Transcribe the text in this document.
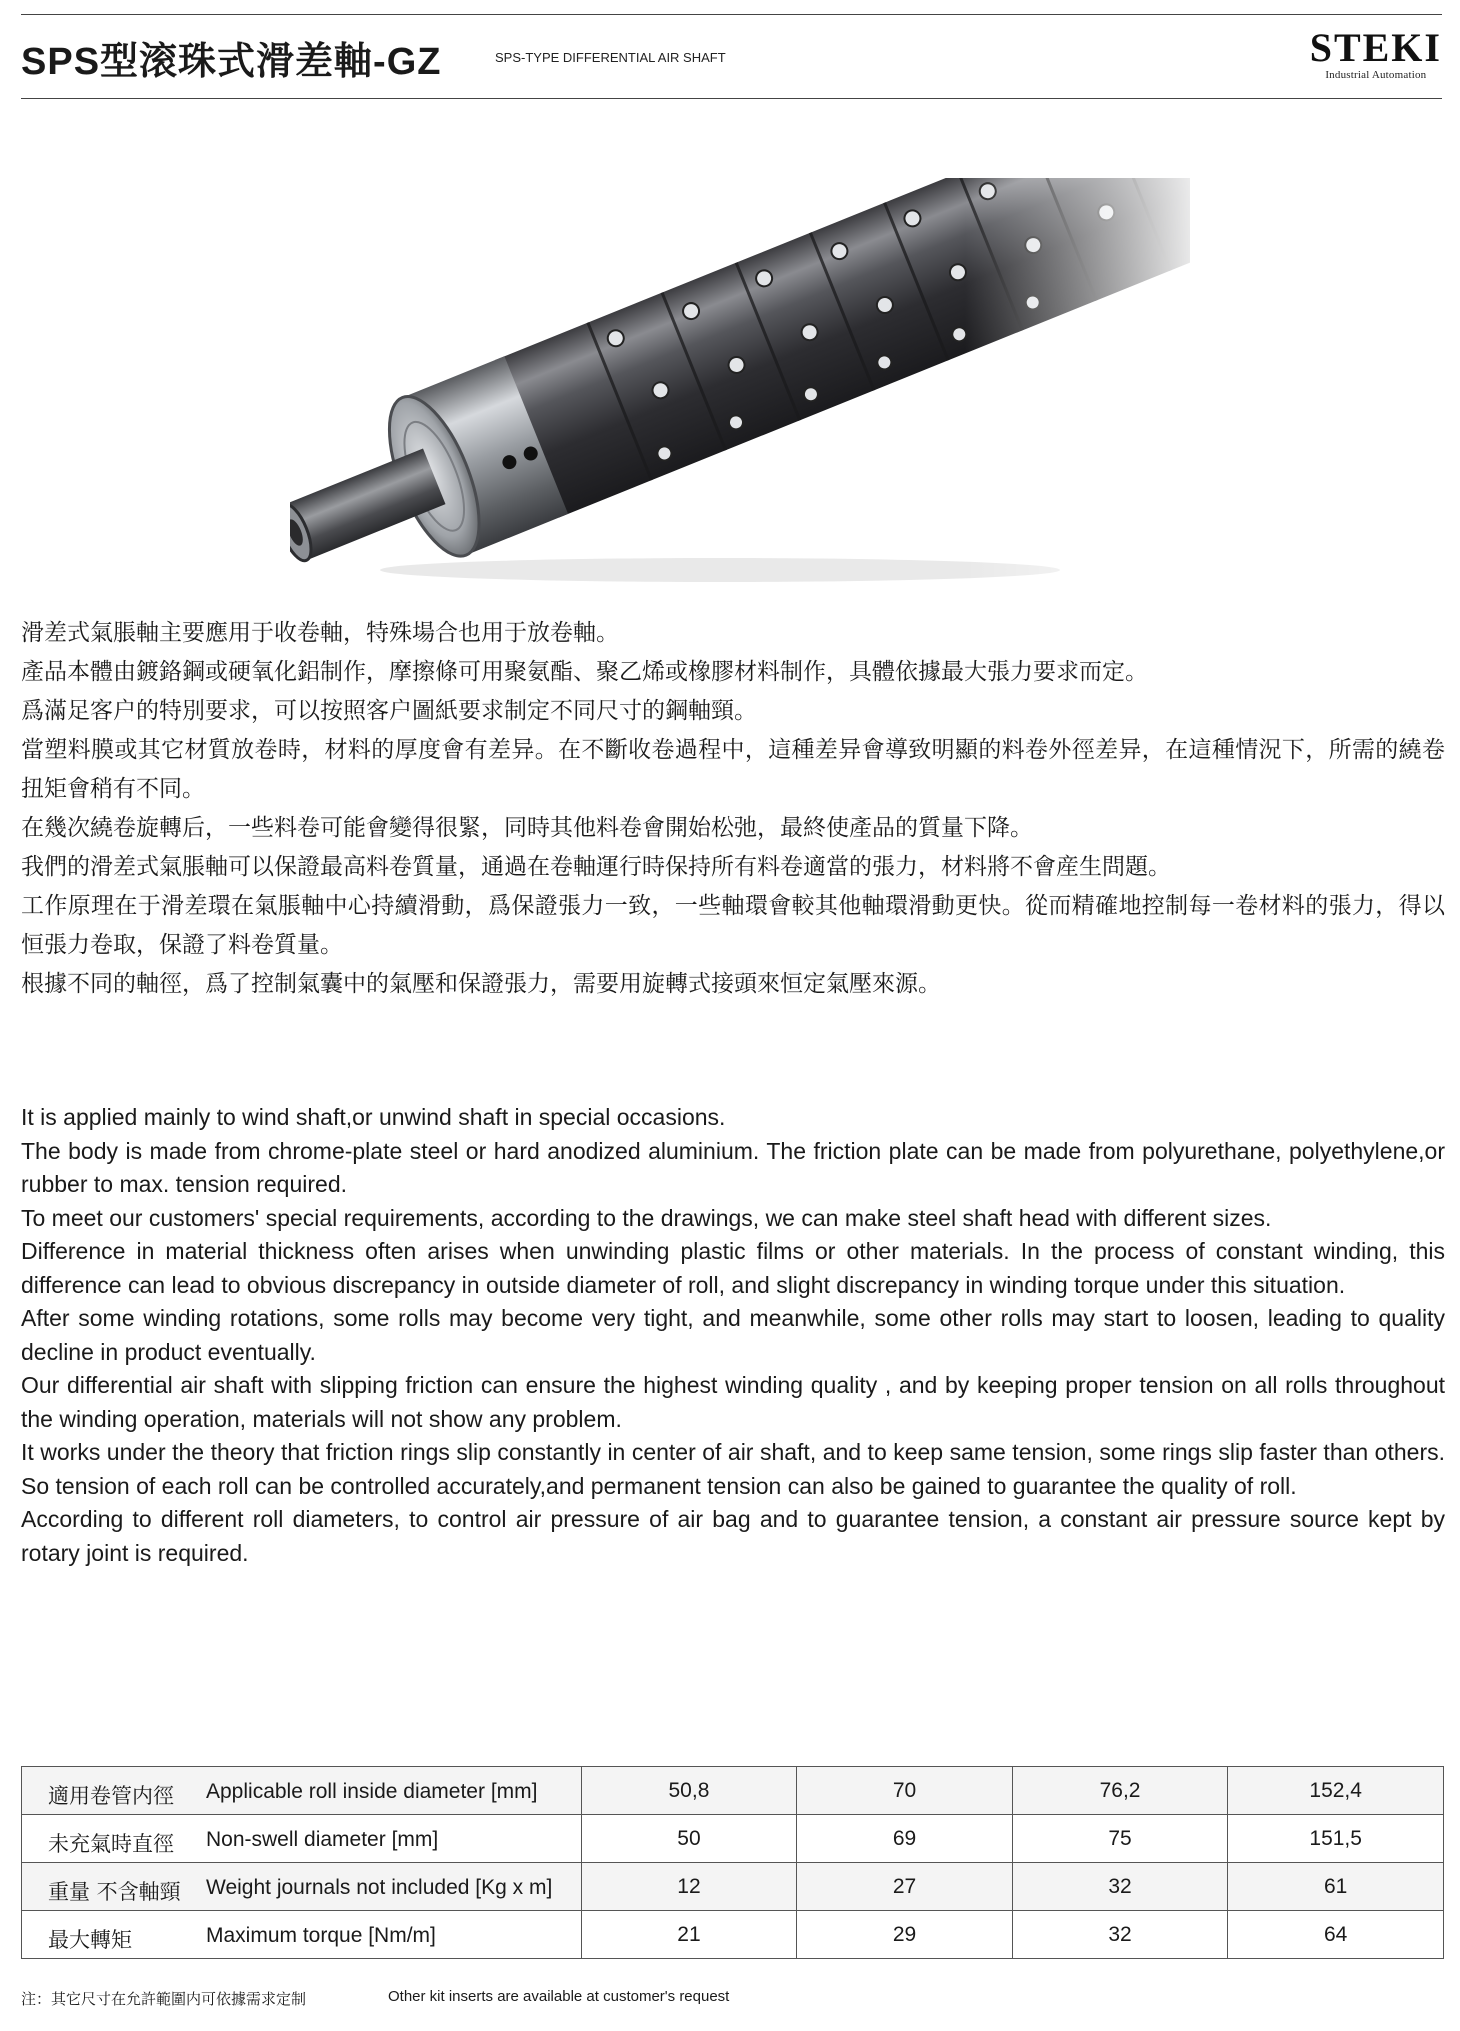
SPS型滚珠式滑差軸-GZ	SPS-TYPE DIFFERENTIAL AIR SHAFT	STEKI
Industrial Automation

滑差式氣脹軸主要應用于收卷軸，特殊場合也用于放卷軸。

產品本體由鍍鉻鋼或硬氧化鋁制作，摩擦條可用聚氨酯、聚乙烯或橡膠材料制作，具體依據最大張力要求而定。

爲滿足客户的特別要求，可以按照客户圖紙要求制定不同尺寸的鋼軸頸。

當塑料膜或其它材質放卷時，材料的厚度會有差异。在不斷收卷過程中，這種差异會導致明顯的料卷外徑差异，在這種情況下，所需的繞卷扭矩會稍有不同。

在幾次繞卷旋轉后，一些料卷可能會變得很緊，同時其他料卷會開始松弛，最終使產品的質量下降。

我們的滑差式氣脹軸可以保證最高料卷質量，通過在卷軸運行時保持所有料卷適當的張力，材料將不會産生問題。

工作原理在于滑差環在氣脹軸中心持續滑動，爲保證張力一致，一些軸環會較其他軸環滑動更快。從而精確地控制每一卷材料的張力，得以恒張力卷取，保證了料卷質量。

根據不同的軸徑，爲了控制氣囊中的氣壓和保證張力，需要用旋轉式接頭來恒定氣壓來源。

It is applied mainly to wind shaft,or unwind shaft in special occasions.

The body is made from chrome-plate steel or hard anodized aluminium. The friction plate can be made from polyurethane, polyethylene,or rubber to max. tension required.

To meet our customers' special requirements, according to the drawings, we can make steel shaft head with different sizes.

Difference in material thickness often arises when unwinding plastic films or other materials. In the process of constant winding, this difference can lead to obvious discrepancy in outside diameter of roll, and slight discrepancy in winding torque under this situation.

After some winding rotations, some rolls may become very tight, and meanwhile, some other rolls may start to loosen, leading to quality decline in product eventually.

Our differential air shaft with slipping friction can ensure the highest winding quality , and by keeping proper tension on all rolls throughout the winding operation, materials will not show any problem.

It works under the theory that friction rings slip constantly in center of air shaft, and to keep same tension, some rings slip faster than others. So tension of each roll can be controlled accurately,and permanent tension can also be gained to guarantee the quality of roll.

According to different roll diameters, to control air pressure of air bag and to guarantee tension, a constant air pressure source kept by rotary joint is required.

適用卷管内徑 Applicable roll inside diameter [mm]	50,8	70	76,2	152,4

未充氣時直徑 Non-swell diameter [mm]	50	69	75	151,5

重量 不含軸頸 Weight journals not included [Kg x m]	12	27	32	61

最大轉矩 Maximum torque [Nm/m]	21	29	32	64
注：其它尺寸在允許範圍内可依據需求定制	Other kit inserts are available at customer's request
